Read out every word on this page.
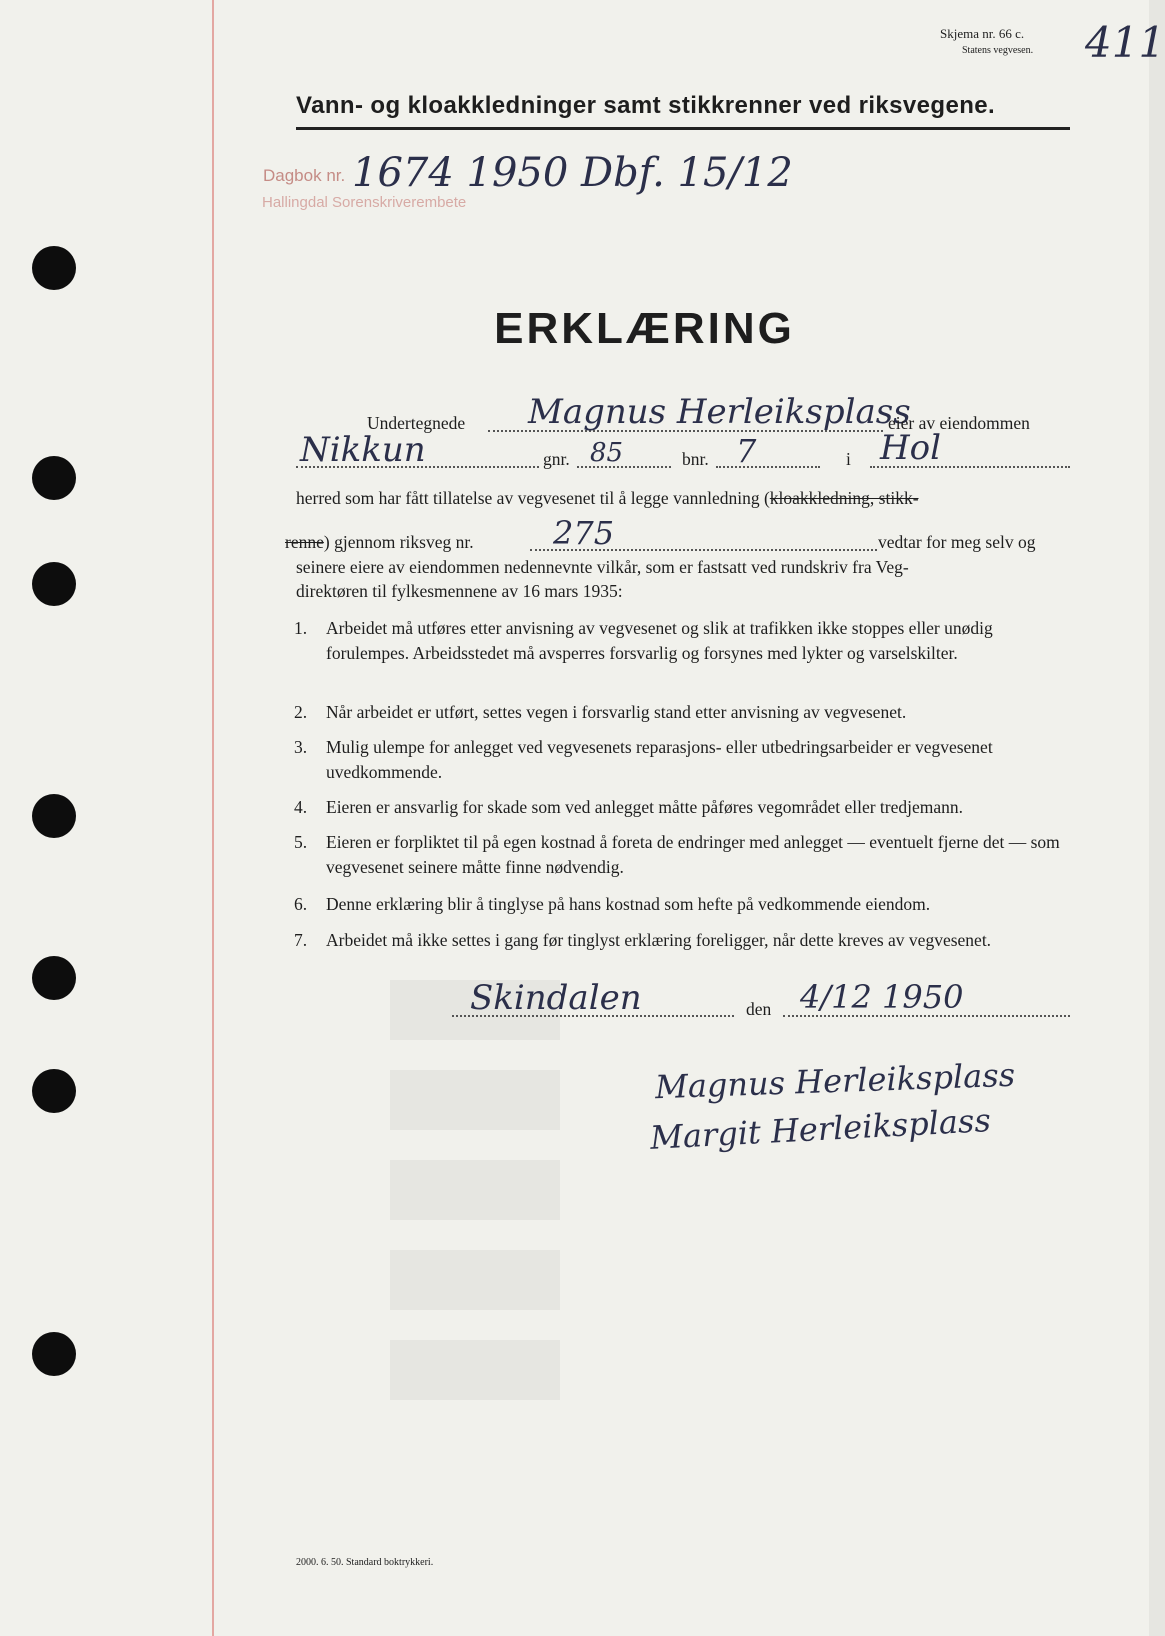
Skjema nr. 66 c.
Statens vegvesen. 411
Vann- og kloakkledninger samt stikkrenner ved riksvegene.
Dagbok nr. 1674 1950 Dbf. 15/12
Hallingdal Sorenskriverembete
ERKLÆRING
Undertegnede Magnus Herleiksplass
eier av eiendommen
Nikkun	gnr. 85	bnr. 7	i Hol
herred som har fått tillatelse av vegvesenet til å legge vannledning (kloakkledning, stikk-
renne) gjennom riksveg nr. 275	vedtar for meg selv og
seinere eiere av eiendommen nedennevnte vilkår, som er fastsatt ved rundskriv fra Veg-
direktøren til fylkesmennene av 16 mars 1935:
1. Arbeidet må utføres etter anvisning av vegvesenet og slik at trafikken ikke stoppes eller unødig forulempes. Arbeidsstedet må avsperres forsvarlig og forsynes med lykter og varselskilter.
2. Når arbeidet er utført, settes vegen i forsvarlig stand etter anvisning av vegvesenet.
3. Mulig ulempe for anlegget ved vegvesenets reparasjons- eller utbedringsarbeider er vegvesenet uvedkommende.
4. Eieren er ansvarlig for skade som ved anlegget måtte påføres vegområdet eller tredjemann.
5. Eieren er forpliktet til på egen kostnad å foreta de endringer med anlegget — eventuelt fjerne det — som vegvesenet seinere måtte finne nødvendig.
6. Denne erklæring blir å tinglyse på hans kostnad som hefte på vedkommende eiendom.
7. Arbeidet må ikke settes i gang før tinglyst erklæring foreligger, når dette kreves av vegvesenet.
Skindalen	den 4/12 1950
Magnus Herleiksplass
Margit Herleiksplass
2000. 6. 50. Standard boktrykkeri.
